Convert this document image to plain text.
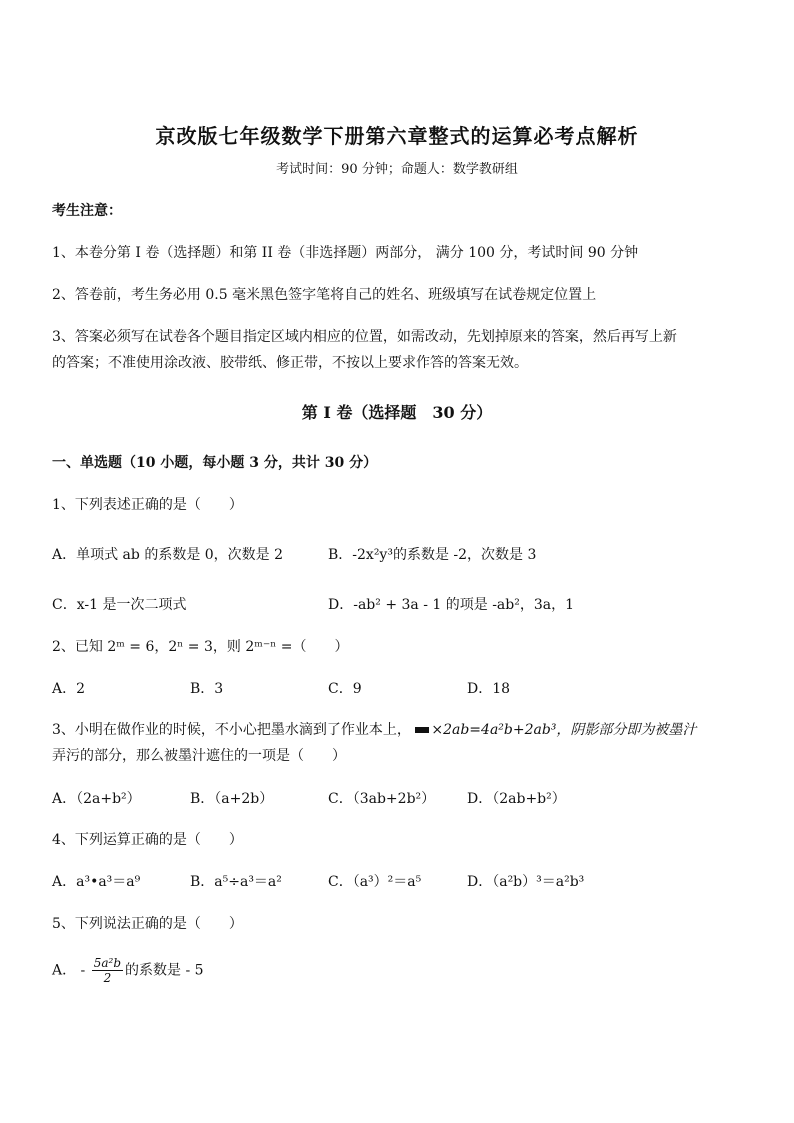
京改版七年级数学下册第六章整式的运算必考点解析
考试时间：90 分钟；命题人：数学教研组
考生注意：
1、本卷分第 I 卷（选择题）和第 II 卷（非选择题）两部分， 满分 100 分，考试时间 90 分钟
2、答卷前，考生务必用 0.5 毫米黑色签字笔将自己的姓名、班级填写在试卷规定位置上
3、答案必须写在试卷各个题目指定区域内相应的位置，如需改动，先划掉原来的答案，然后再写上新
的答案；不准使用涂改液、胶带纸、修正带，不按以上要求作答的答案无效。
第 I 卷（选择题　30 分）
一、单选题（10 小题，每小题 3 分，共计 30 分）
1、下列表述正确的是（　　）
A．单项式 ab 的系数是 0，次数是 2	B．-2x²y³的系数是 -2，次数是 3
C．x-1 是一次二项式	D．-ab² + 3a - 1 的项是 -ab²，3a，1
2、已知 2ᵐ = 6，2ⁿ = 3，则 2ᵐ⁻ⁿ =（　　）
A．2	B．3	C．9	D．18
3、小明在做作业的时候，不小心把墨水滴到了作业本上， ×2ab=4a²b+2ab³，阴影部分即为被墨汁
弄污的部分，那么被墨汁遮住的一项是（　　）
A．（2a+b²）	B．（a+2b）	C．（3ab+2b²） D．（2ab+b²）
4、下列运算正确的是（　　）
A．a³•a³＝a⁹	B．a⁵÷a³＝a²	C．（a³）²＝a⁵	D．（a²b）³＝a²b³
5、下列说法正确的是（　　）
A． - $\frac{\text{5a²b}}{2}$ 的系数是 - 5
